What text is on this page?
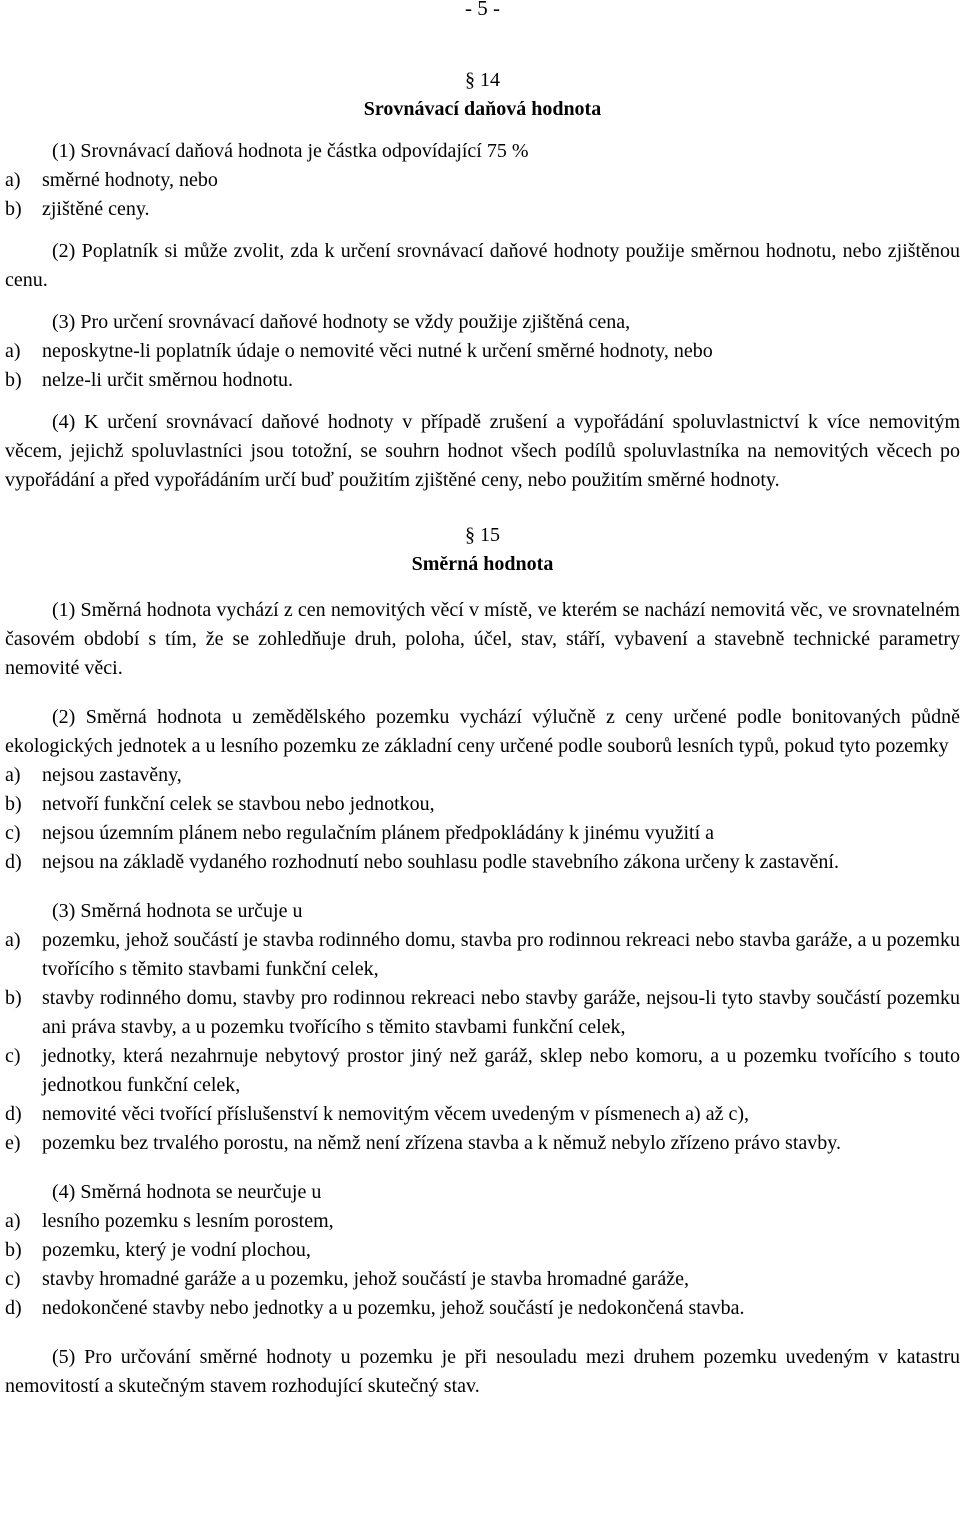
- 5 -

§ 14

Srovnávací daňová hodnota

(1) Srovnávací daňová hodnota je částka odpovídající 75 %

a)	směrné hodnoty, nebo
b)	zjištěné ceny.

(2) Poplatník si může zvolit, zda k určení srovnávací daňové hodnoty použije směrnou hodnotu, nebo zjištěnou cenu.

(3) Pro určení srovnávací daňové hodnoty se vždy použije zjištěná cena,

a)	neposkytne-li poplatník údaje o nemovité věci nutné k určení směrné hodnoty, nebo
b)	nelze-li určit směrnou hodnotu.

(4) K určení srovnávací daňové hodnoty v případě zrušení a vypořádání spoluvlastnictví k více nemovitým věcem, jejichž spoluvlastníci jsou totožní, se souhrn hodnot všech podílů spoluvlastníka na nemovitých věcech po vypořádání a před vypořádáním určí buď použitím zjištěné ceny, nebo použitím směrné hodnoty.

§ 15

Směrná hodnota

(1) Směrná hodnota vychází z cen nemovitých věcí v místě, ve kterém se nachází nemovitá věc, ve srovnatelném časovém období s tím, že se zohledňuje druh, poloha, účel, stav, stáří, vybavení a stavebně technické parametry nemovité věci.

(2) Směrná hodnota u zemědělského pozemku vychází výlučně z ceny určené podle bonitovaných půdně ekologických jednotek a u lesního pozemku ze základní ceny určené podle souborů lesních typů, pokud tyto pozemky

a)	nejsou zastavěny,
b)	netvoří funkční celek se stavbou nebo jednotkou,
c)	nejsou územním plánem nebo regulačním plánem předpokládány k jinému využití a
d)	nejsou na základě vydaného rozhodnutí nebo souhlasu podle stavebního zákona určeny k zastavění.

(3) Směrná hodnota se určuje u

a)	pozemku, jehož součástí je stavba rodinného domu, stavba pro rodinnou rekreaci nebo stavba garáže, a u pozemku tvořícího s těmito stavbami funkční celek,
b)	stavby rodinného domu, stavby pro rodinnou rekreaci nebo stavby garáže, nejsou-li tyto stavby součástí pozemku ani práva stavby, a u pozemku tvořícího s těmito stavbami funkční celek,
c)	jednotky, která nezahrnuje nebytový prostor jiný než garáž, sklep nebo komoru, a u pozemku tvořícího s touto jednotkou funkční celek,
d)	nemovité věci tvořící příslušenství k nemovitým věcem uvedeným v písmenech a) až c),
e)	pozemku bez trvalého porostu, na němž není zřízena stavba a k němuž nebylo zřízeno právo stavby.

(4) Směrná hodnota se neurčuje u

a)	lesního pozemku s lesním porostem,
b)	pozemku, který je vodní plochou,
c)	stavby hromadné garáže a u pozemku, jehož součástí je stavba hromadné garáže,
d)	nedokončené stavby nebo jednotky a u pozemku, jehož součástí je nedokončená stavba.

(5) Pro určování směrné hodnoty u pozemku je při nesouladu mezi druhem pozemku uvedeným v katastru nemovitostí a skutečným stavem rozhodující skutečný stav.
